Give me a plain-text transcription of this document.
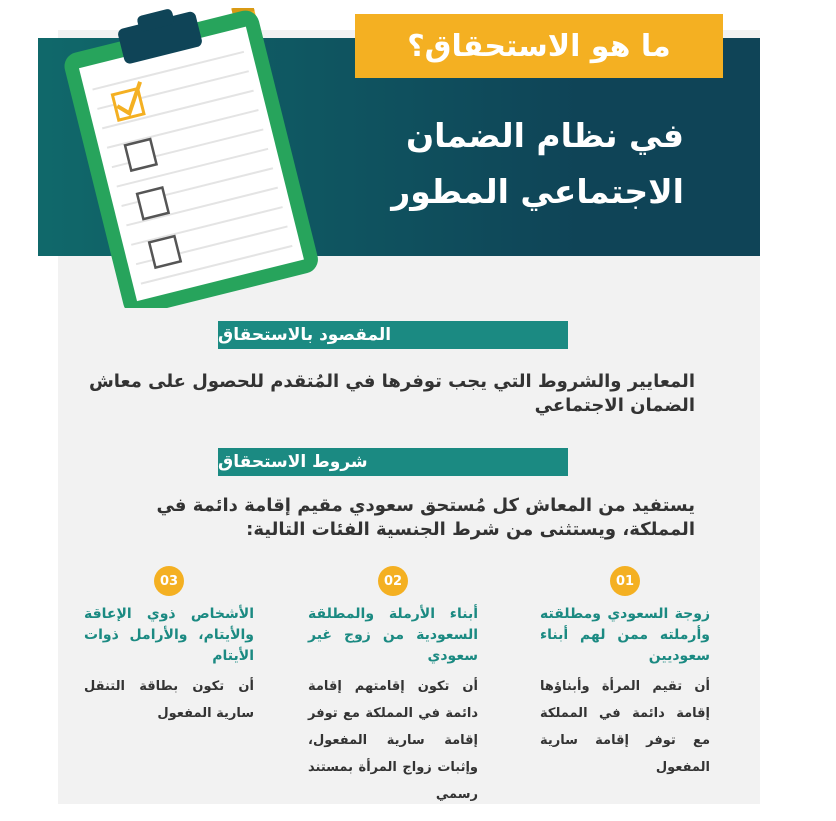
ما هو الاستحقاق؟
في نظام الضمان
الاجتماعي المطور
المقصود بالاستحقاق
المعايير والشروط التي يجب توفرها في المُتقدم للحصول على معاش الضمان الاجتماعي
شروط الاستحقاق
يستفيد من المعاش كل مُستحق سعودي مقيم إقامة دائمة في المملكة، ويستثنى من شرط الجنسية الفئات التالية:
01
زوجة السعودي ومطلقته وأرملته ممن لهم أبناء سعوديين
أن تقيم المرأة وأبناؤها إقامة دائمة في المملكة مع توفر إقامة سارية المفعول
02
أبناء الأرملة والمطلقة السعودية من زوج غير سعودي
أن تكون إقامتهم إقامة دائمة في المملكة مع توفر إقامة سارية المفعول، وإثبات زواج المرأة بمستند رسمي
03
الأشخاص ذوي الإعاقة والأيتام، والأرامل ذوات الأيتام
أن تكون بطاقة التنقل سارية المفعول
